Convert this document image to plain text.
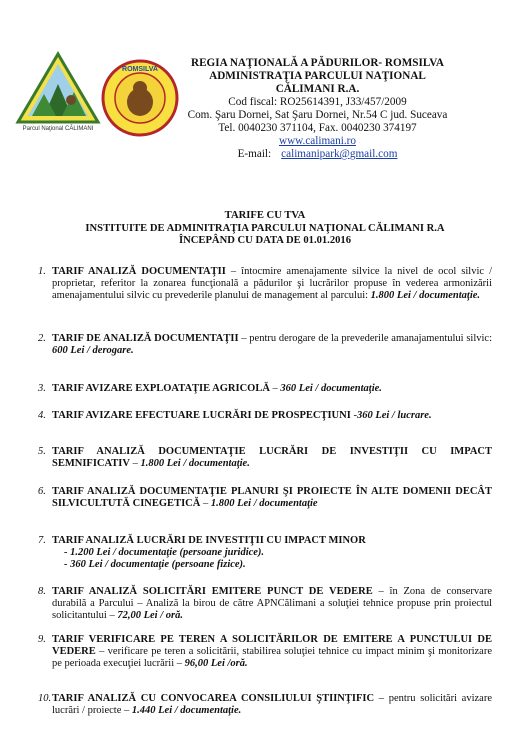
Parcul Naţional CĂLIMANI
ROMSILVA
REGIA NAŢIONALĂ A PĂDURILOR- ROMSILVA
ADMINISTRAŢIA PARCULUI NAŢIONAL
CĂLIMANI R.A.
Cod fiscal: RO25614391, J33/457/2009
Com. Şaru Dornei, Sat Şaru Dornei, Nr.54 C jud. Suceava
Tel. 0040230 371104, Fax. 0040230 374197
www.calimani.ro
E-mail: calimanipark@gmail.com
TARIFE CU TVA
INSTITUITE DE ADMINITRAŢIA PARCULUI NAŢIONAL CĂLIMANI R.A
ÎNCEPÂND CU DATA DE 01.01.2016
1. TARIF ANALIZĂ DOCUMENTAŢII – întocmire amenajamente silvice la nivel de ocol silvic / proprietar, referitor la zonarea funcţională a pădurilor şi lucrărilor propuse în vederea armonizării amenajamentului silvic cu prevederile planului de management al parcului: 1.800 Lei / documentaţie.
2. TARIF DE ANALIZĂ DOCUMENTAŢII – pentru derogare de la prevederile amanajamentului silvic: 600 Lei / derogare.
3. TARIF AVIZARE EXPLOATAŢIE AGRICOLĂ – 360 Lei / documentaţie.
4. TARIF AVIZARE EFECTUARE LUCRĂRI DE PROSPECŢIUNI -360 Lei / lucrare.
5. TARIF ANALIZĂ DOCUMENTAŢIE LUCRĂRI DE INVESTIŢII CU IMPACT SEMNIFICATIV – 1.800 Lei / documentaţie.
6. TARIF ANALIZĂ DOCUMENTAŢIE PLANURI ŞI PROIECTE ÎN ALTE DOMENII DECÂT SILVICULTUTĂ CINEGETICĂ – 1.800 Lei / documentaţie
7. TARIF ANALIZĂ LUCRĂRI DE INVESTIŢII CU IMPACT MINOR
- 1.200 Lei / documentaţie (persoane juridice).
- 360 Lei / documentaţie (persoane fizice).
8. TARIF ANALIZĂ SOLICITĂRI EMITERE PUNCT DE VEDERE – în Zona de conservare durabilă a Parcului – Analiză la birou de către APNCălimani a soluţiei tehnice propuse prin proiectul solicitantului – 72,00 Lei / oră.
9. TARIF VERIFICARE PE TEREN A SOLICITĂRILOR DE EMITERE A PUNCTULUI DE VEDERE – verificare pe teren a solicitării, stabilirea soluţiei tehnice cu impact minim şi monitorizare pe perioada execuţiei lucrării – 96,00 Lei /oră.
10. TARIF ANALIZĂ CU CONVOCAREA CONSILIULUI ŞTIINŢIFIC – pentru solicitări avizare lucrări / proiecte – 1.440 Lei / documentaţie.
